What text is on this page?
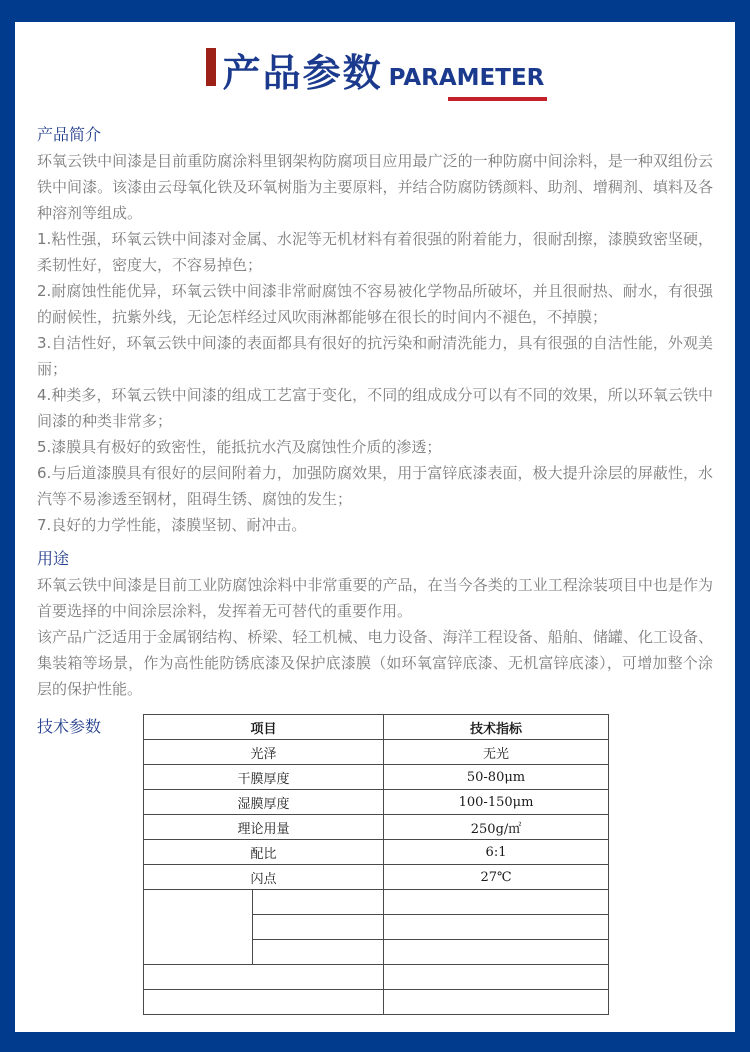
产品参数 PARAMETER
产品简介

环氧云铁中间漆是目前重防腐涂料里钢架构防腐项目应用最广泛的一种防腐中间涂料，是一种双组份云铁中间漆。该漆由云母氧化铁及环氧树脂为主要原料，并结合防腐防锈颜料、助剂、增稠剂、填料及各种溶剂等组成。

1.粘性强，环氧云铁中间漆对金属、水泥等无机材料有着很强的附着能力，很耐刮擦，漆膜致密坚硬，柔韧性好，密度大，不容易掉色；

2.耐腐蚀性能优异，环氧云铁中间漆非常耐腐蚀不容易被化学物品所破坏，并且很耐热、耐水，有很强的耐候性，抗紫外线，无论怎样经过风吹雨淋都能够在很长的时间内不褪色，不掉膜；

3.自洁性好，环氧云铁中间漆的表面都具有很好的抗污染和耐清洗能力，具有很强的自洁性能，外观美丽；

4.种类多，环氧云铁中间漆的组成工艺富于变化，不同的组成成分可以有不同的效果，所以环氧云铁中间漆的种类非常多；

5.漆膜具有极好的致密性，能抵抗水汽及腐蚀性介质的渗透；

6.与后道漆膜具有很好的层间附着力，加强防腐效果，用于富锌底漆表面，极大提升涂层的屏蔽性，水汽等不易渗透至钢材，阻碍生锈、腐蚀的发生；

7.良好的力学性能，漆膜坚韧、耐冲击。

用途

环氧云铁中间漆是目前工业防腐蚀涂料中非常重要的产品，在当今各类的工业工程涂装项目中也是作为首要选择的中间涂层涂料，发挥着无可替代的重要作用。

该产品广泛适用于金属钢结构、桥梁、轻工机械、电力设备、海洋工程设备、船舶、储罐、化工设备、集装箱等场景，作为高性能防锈底漆及保护底漆膜（如环氧富锌底漆、无机富锌底漆），可增加整个涂层的保护性能。

技术参数	项目		技术指标
光泽		无光
干膜厚度		50-80μm
湿膜厚度		100-150μm
理论用量		250g/㎡
配比		6:1
闪点		27℃
